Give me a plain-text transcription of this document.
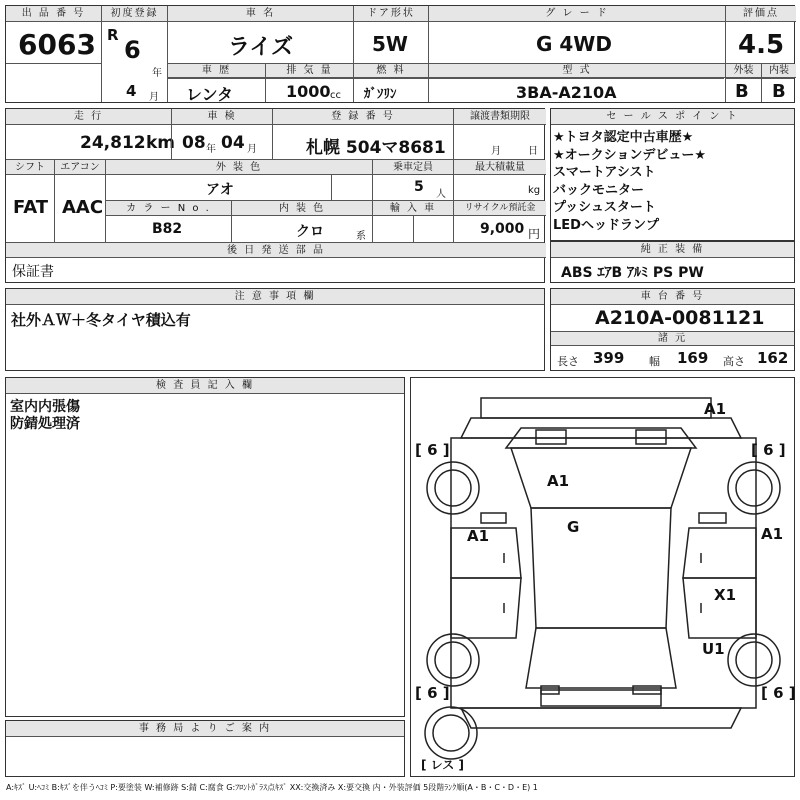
出 品 番 号
6063
初度登録
R
6
年
4 月
車 名
ライズ
ドア形状
5W
グ レ ー ド
G 4WD
評価点
4.5
車 歴
レンタ
排 気 量
1000 cc
燃 料
ｶﾞｿﾘﾝ
型 式
3BA-A210A
外装	内装
B B
走 行
24,812 km
車 検
08 年 04 月
登 録 番 号
札幌 504マ8681
譲渡書類期限
月	日
シフト
FAT
エアコン
AAC
外 装 色
アオ
乗車定員
5 人
最大積載量
kg
カ ラ ー N o .
B82
内 装 色
クロ	系
輸 入 車	リサイクル預託金
9,000 円
後 日 発 送 部 品
保証書
セ ー ル ス ポ イ ン ト
★トヨタ認定中古車歴★
★オークションデビュー★
スマートアシスト
バックモニター
プッシュスタート
LEDヘッドランプ
純 正 装 備
ABS ｴｱB ｱﾙﾐ PS PW
注 意 事 項 欄
社外ＡＷ＋冬タイヤ積込有
車 台 番 号
A210A-0081121
諸 元
長さ 399 幅 169 高さ 162
検 査 員 記 入 欄
室内内張傷
防錆処理済
事 務 局 よ り ご 案 内
[ 6 ]	[ 6 ]
[ 6 ]	[ 6 ]
[ レス ]
A1
A1
G
A1	A1
X1
U1
A:ｷｽﾞ U:ﾍｺﾐ B:ｷｽﾞを伴うﾍｺﾐ P:要塗装 W:補修跡 S:錆 C:腐食 G:ﾌﾛﾝﾄｶﾞﾗｽ点ｷｽﾞ XX:交換済み X:要交換 内・外装評価 5段階ﾗﾝｸ順(A・B・C・D・E) 1
